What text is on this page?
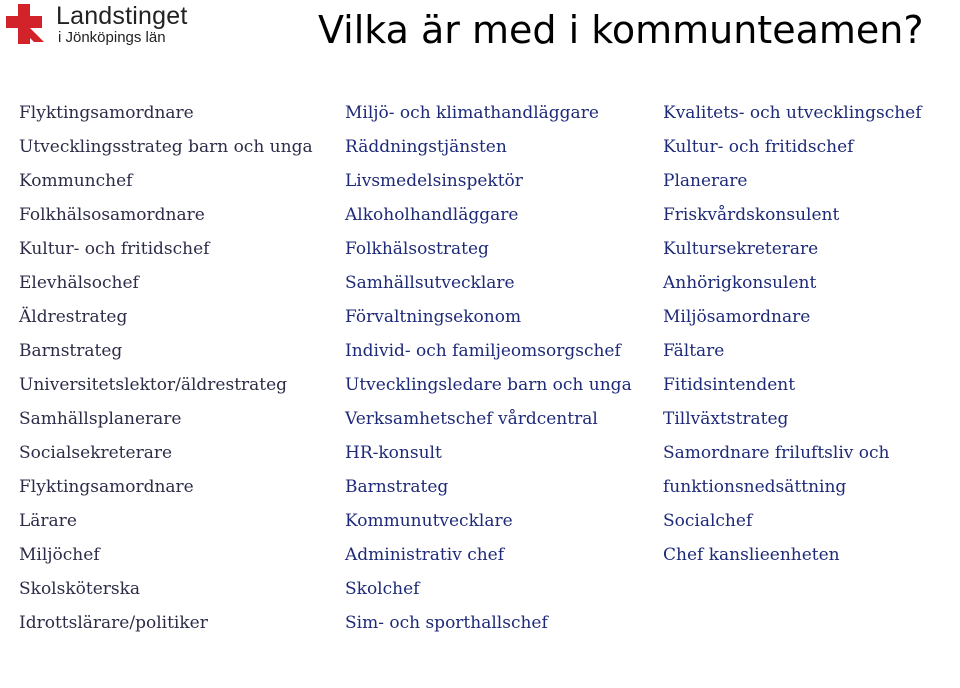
Landstinget
i Jönköpings län	Vilka är med i kommunteamen?
Flyktingsamordnare
Utvecklingsstrateg barn och unga
Kommunchef
Folkhälsosamordnare
Kultur- och fritidschef
Elevhälsochef
Äldrestrateg
Barnstrateg
Universitetslektor/äldrestrateg
Samhällsplanerare
Socialsekreterare
Flyktingsamordnare
Lärare
Miljöchef
Skolsköterska
Idrottslärare/politiker
Miljö- och klimathandläggare
Räddningstjänsten
Livsmedelsinspektör
Alkoholhandläggare
Folkhälsostrateg
Samhällsutvecklare
Förvaltningsekonom
Individ- och familjeomsorgschef
Utvecklingsledare barn och unga
Verksamhetschef vårdcentral
HR-konsult
Barnstrateg
Kommunutvecklare
Administrativ chef
Skolchef
Sim- och sporthallschef
Kvalitets- och utvecklingschef
Kultur- och fritidschef
Planerare
Friskvårdskonsulent
Kultursekreterare
Anhörigkonsulent
Miljösamordnare
Fältare
Fitidsintendent
Tillväxtstrateg
Samordnare friluftsliv och
funktionsnedsättning
Socialchef
Chef kanslieenheten
